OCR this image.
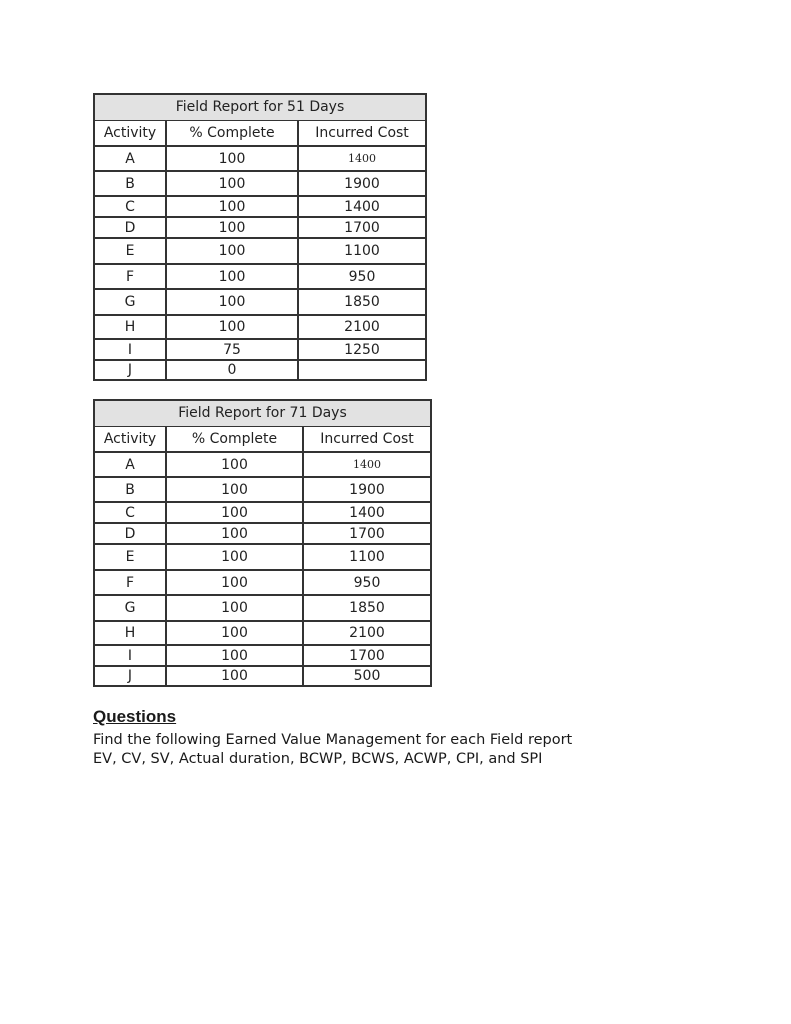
Field Report for 51 Days		
Activity	% Complete	Incurred Cost
A	100	1400
B	100	1900
C	100	1400
D	100	1700
E	100	1100
F	100	950
G	100	1850
H	100	2100
I	75	1250
J	0	
Field Report for 71 Days		
Activity	% Complete	Incurred Cost
A	100	1400
B	100	1900
C	100	1400
D	100	1700
E	100	1100
F	100	950
G	100	1850
H	100	2100
I	100	1700
J	100	500

Questions

Find the following Earned Value Management for each Field report

EV, CV, SV, Actual duration, BCWP, BCWS, ACWP, CPI, and SPI
